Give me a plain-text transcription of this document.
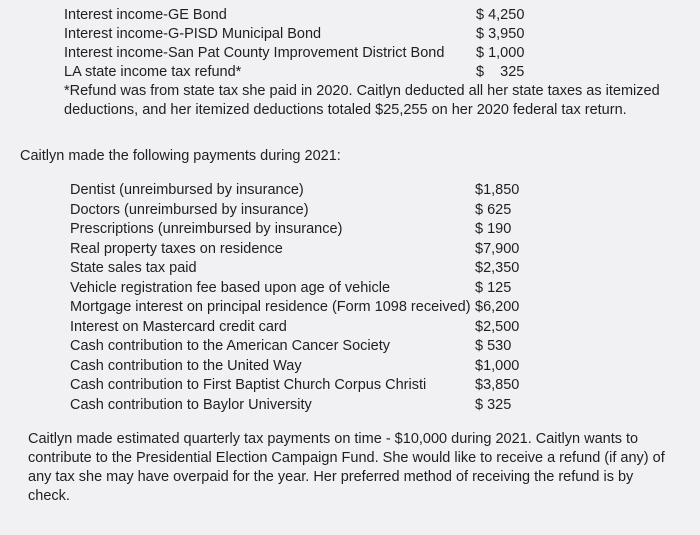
Interest income-GE Bond	$ 4,250
Interest income-G-PISD Municipal Bond	$ 3,950
Interest income-San Pat County Improvement District Bond $ 1,000
LA state income tax refund*	$    325
*Refund was from state tax she paid in 2020. Caitlyn deducted all her state taxes as itemized deductions, and her itemized deductions totaled $25,255 on her 2020 federal tax return.
Caitlyn made the following payments during 2021:
Dentist (unreimbursed by insurance)	$1,850
Doctors (unreimbursed by insurance)	$ 625
Prescriptions (unreimbursed by insurance)	$ 190
Real property taxes on residence	$7,900
State sales tax paid	$2,350
Vehicle registration fee based upon age of vehicle	$ 125
Mortgage interest on principal residence (Form 1098 received) $6,200
Interest on Mastercard credit card	$2,500
Cash contribution to the American Cancer Society	$ 530
Cash contribution to the United Way	$1,000
Cash contribution to First Baptist Church Corpus Christi	$3,850
Cash contribution to Baylor University	$ 325
Caitlyn made estimated quarterly tax payments on time - $10,000 during 2021. Caitlyn wants to contribute to the Presidential Election Campaign Fund. She would like to receive a refund (if any) of any tax she may have overpaid for the year. Her preferred method of receiving the refund is by check.
